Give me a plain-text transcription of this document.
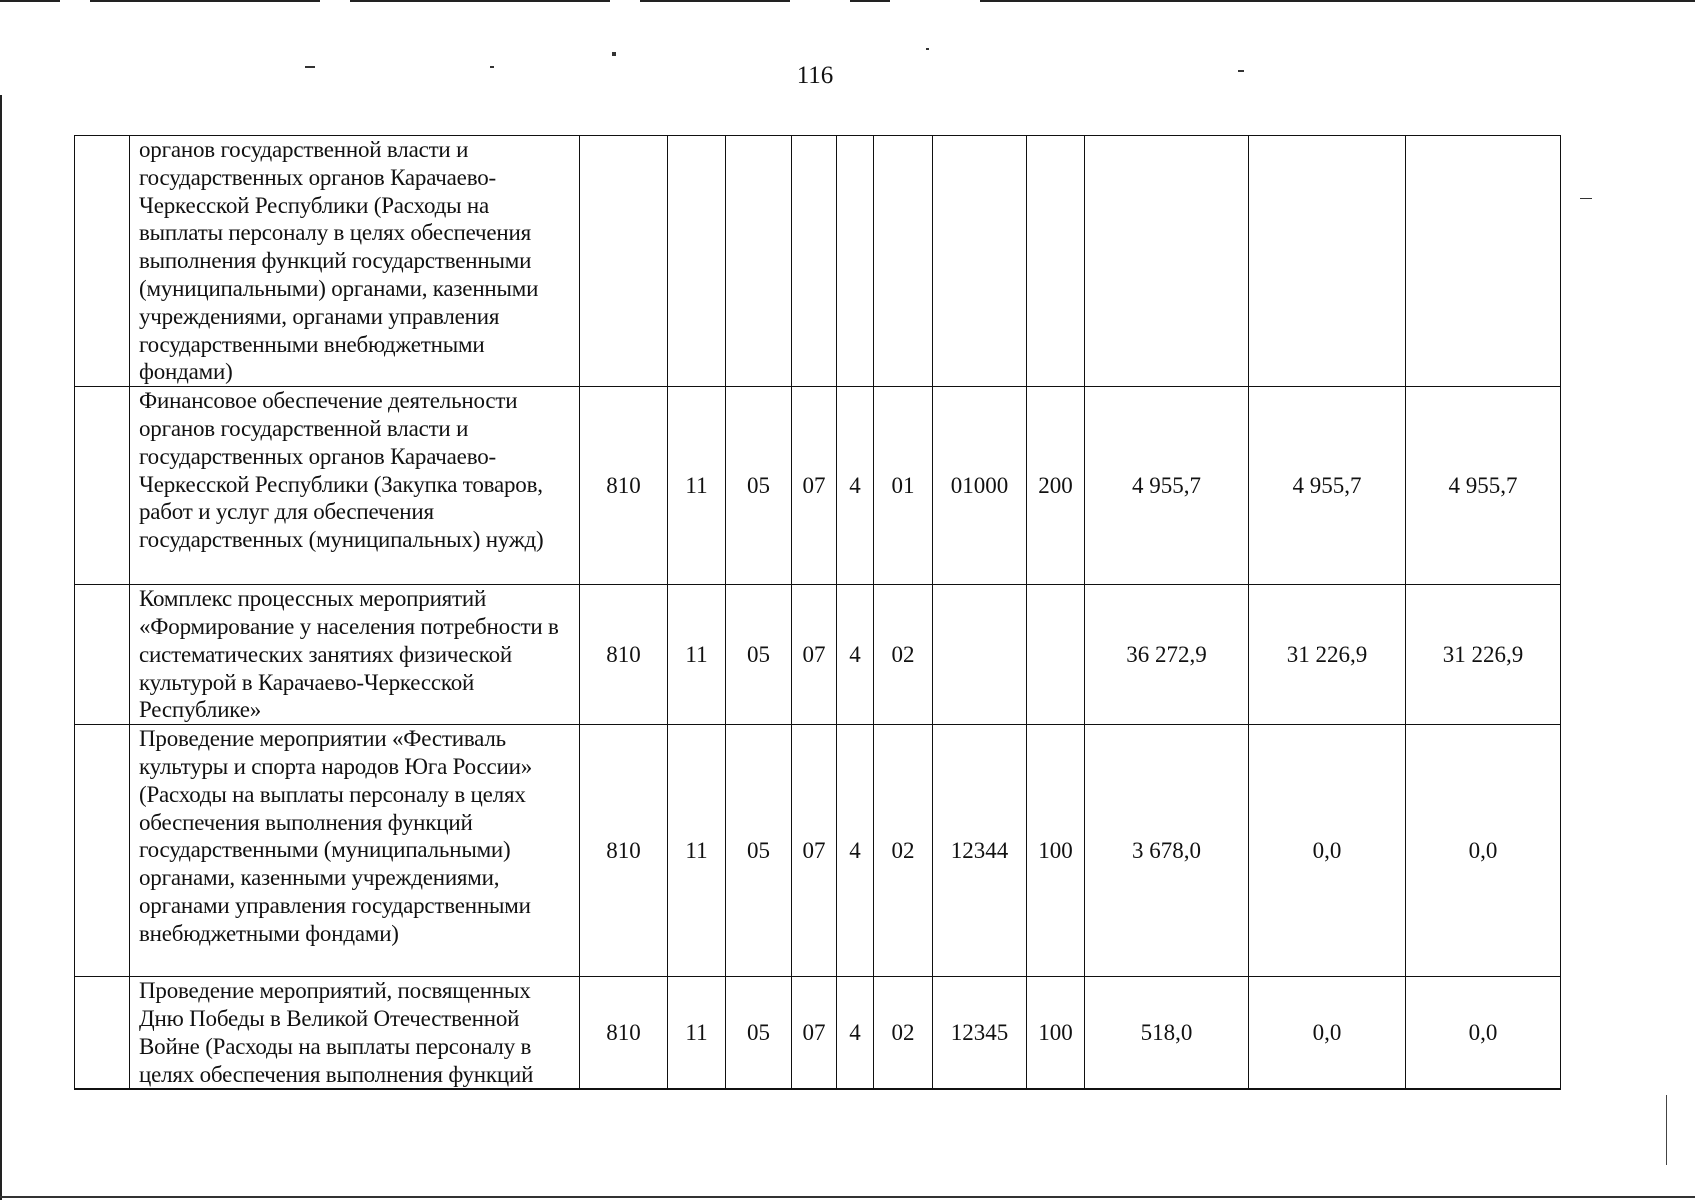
116
	органов государственной власти и государственных органов Карачаево-Черкесской Республики (Расходы на выплаты персоналу в целях обеспечения выполнения функций государственными (муниципальными) органами, казенными учреждениями, органами управления государственными внебюджетными фондами)											
	Финансовое обеспечение деятельности органов государственной власти и государственных органов Карачаево-Черкесской Республики (Закупка товаров, работ и услуг для обеспечения государственных (муниципальных) нужд)	810	11	05	07	4	01	01000	200	4 955,7	4 955,7	4 955,7
	Комплекс процессных мероприятий «Формирование у населения потребности в систематических занятиях физической культурой в Карачаево-Черкесской Республике»	810	11	05	07	4	02			36 272,9	31 226,9	31 226,9
	Проведение мероприятии «Фестиваль культуры и спорта народов Юга России» (Расходы на выплаты персоналу в целях обеспечения выполнения функций государственными (муниципальными) органами, казенными учреждениями, органами управления государственными внебюджетными фондами)	810	11	05	07	4	02	12344	100	3 678,0	0,0	0,0
	Проведение мероприятий, посвященных Дню Победы в Великой Отечественной Войне (Расходы на выплаты персоналу в целях обеспечения выполнения функций	810	11	05	07	4	02	12345	100	518,0	0,0	0,0
